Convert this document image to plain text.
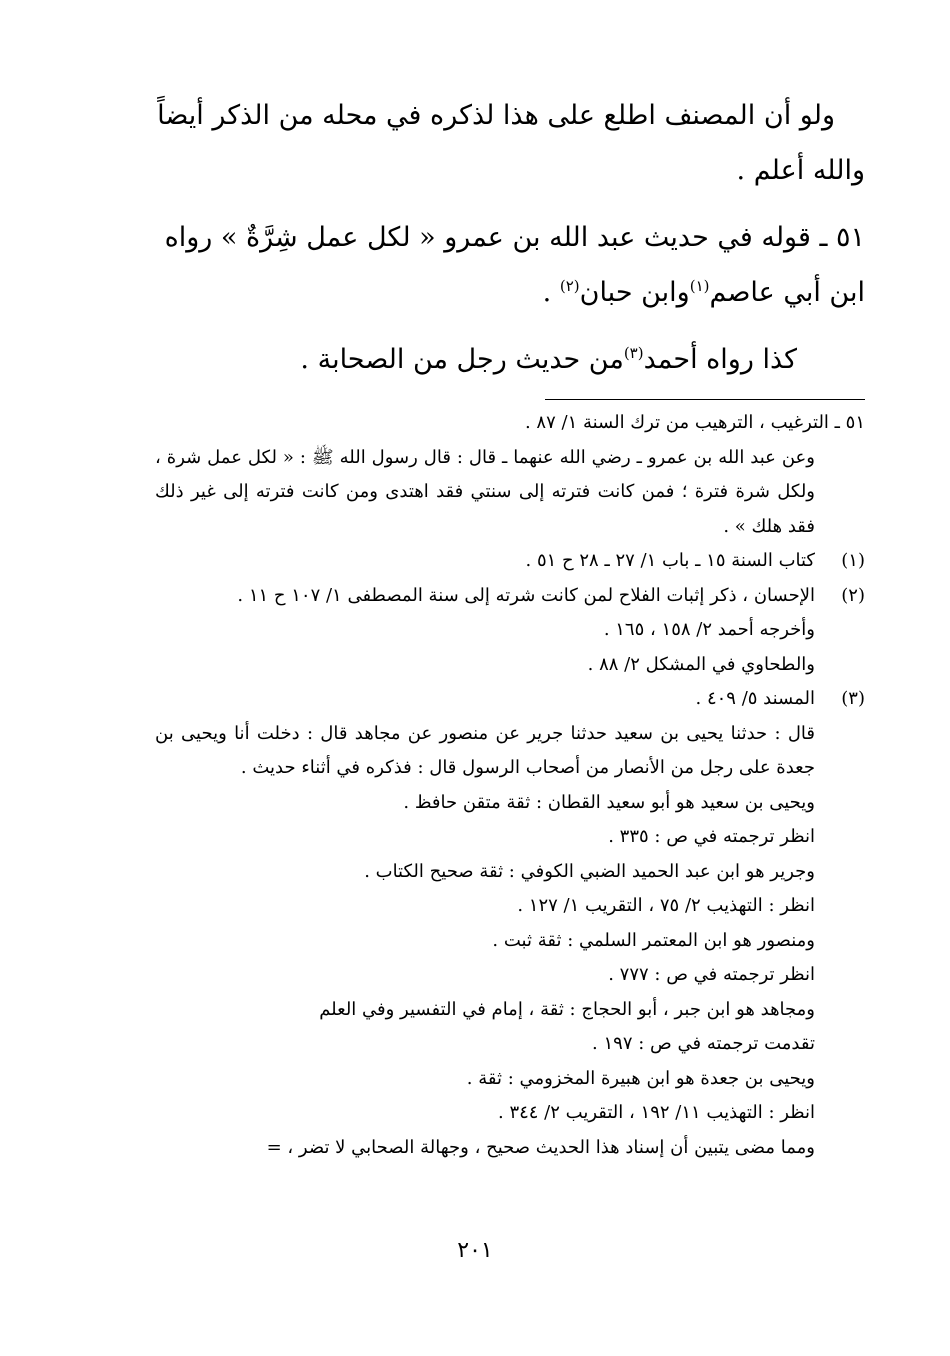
ولو أن المصنف اطلع على هذا لذكره في محله من الذكر أيضاً

والله أعلم .

٥١ ـ قوله في حديث عبد الله بن عمرو « لكل عمل شِرَّةٌ » رواه

ابن أبي عاصم$^{(١)}$وابن حبان$^{(٢)}$ .

كذا رواه أحمد$^{(٣)}$من حديث رجل من الصحابة .

٥١ ـ الترغيب ، الترهيب من ترك السنة ١/ ٨٧ .
وعن عبد الله بن عمرو ـ رضي الله عنهما ـ قال : قال رسول الله ﷺ : « لكل عمل شرة ، ولكل شرة فترة ؛ فمن كانت فترته إلى سنتي فقد اهتدى ومن كانت فترته إلى غير ذلك فقد هلك » .
(١)
كتاب السنة ١٥ ـ باب ١/ ٢٧ ـ ٢٨ ح ٥١ .
(٢)
الإحسان ، ذكر إثبات الفلاح لمن كانت شرته إلى سنة المصطفى ١/ ١٠٧ ح ١١ .
وأخرجه أحمد ٢/ ١٥٨ ، ١٦٥ .
والطحاوي في المشكل ٢/ ٨٨ .
(٣)
المسند ٥/ ٤٠٩ .
قال : حدثنا يحيى بن سعيد حدثنا جرير عن منصور عن مجاهد قال : دخلت أنا ويحيى بن جعدة على رجل من الأنصار من أصحاب الرسول قال : فذكره في أثناء حديث .
ويحيى بن سعيد هو أبو سعيد القطان : ثقة متقن حافظ .
انظر ترجمته في ص : ٣٣٥ .
وجرير هو ابن عبد الحميد الضبي الكوفي : ثقة صحيح الكتاب .
انظر : التهذيب ٢/ ٧٥ ، التقريب ١/ ١٢٧ .
ومنصور هو ابن المعتمر السلمي : ثقة ثبت .
انظر ترجمته في ص : ٧٧٧ .
ومجاهد هو ابن جبر ، أبو الحجاج : ثقة ، إمام في التفسير وفي العلم
تقدمت ترجمته في ص : ١٩٧ .
ويحيى بن جعدة هو ابن هبيرة المخزومي : ثقة .
انظر : التهذيب ١١/ ١٩٢ ، التقريب ٢/ ٣٤٤ .
ومما مضى يتبين أن إسناد هذا الحديث صحيح ، وجهالة الصحابي لا تضر ، =
٢٠١
